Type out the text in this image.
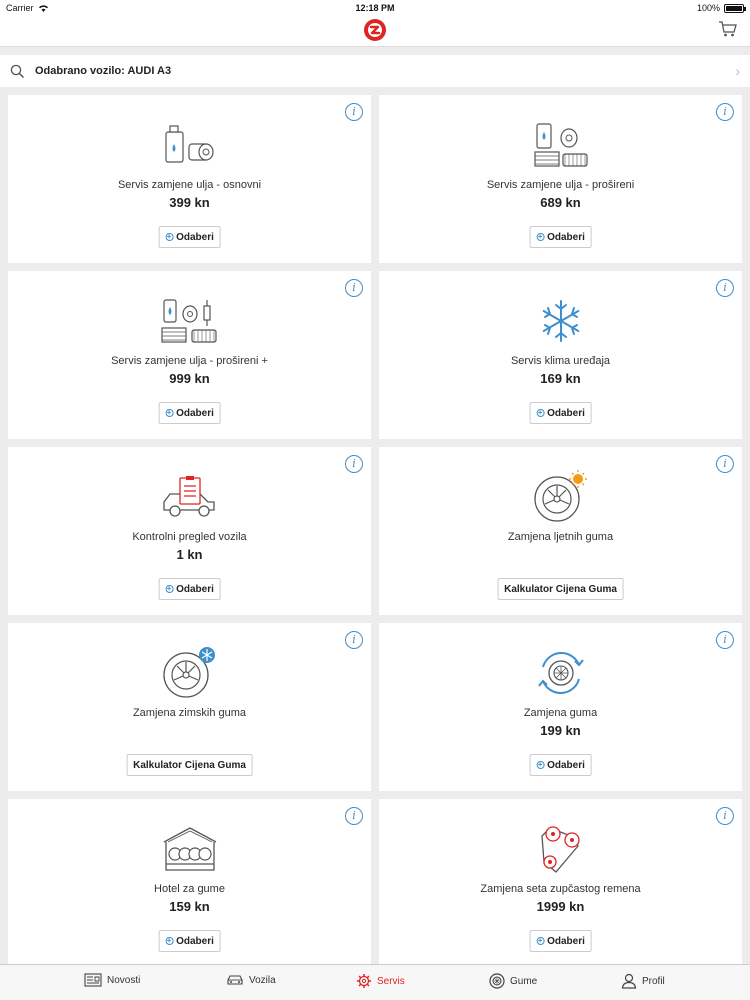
Carrier	12:18 PM	100%
Odabrano vozilo: AUDI A3	›
i
Servis zamjene ulja - osnovni
399 kn
+ Odaberi
i
Servis zamjene ulja - prošireni
689 kn
+ Odaberi
i
Servis zamjene ulja - prošireni +
999 kn
+ Odaberi
i
Servis klima uređaja
169 kn
+ Odaberi
i
Kontrolni pregled vozila
1 kn
+ Odaberi
i
Zamjena ljetnih guma
Kalkulator Cijena Guma
i
Zamjena zimskih guma
Kalkulator Cijena Guma
i
Zamjena guma
199 kn
+ Odaberi
i
Hotel za gume
159 kn
+ Odaberi
i
Zamjena seta zupčastog remena
1999 kn
+ Odaberi
Novosti	Vozila	Servis	Gume	Profil
